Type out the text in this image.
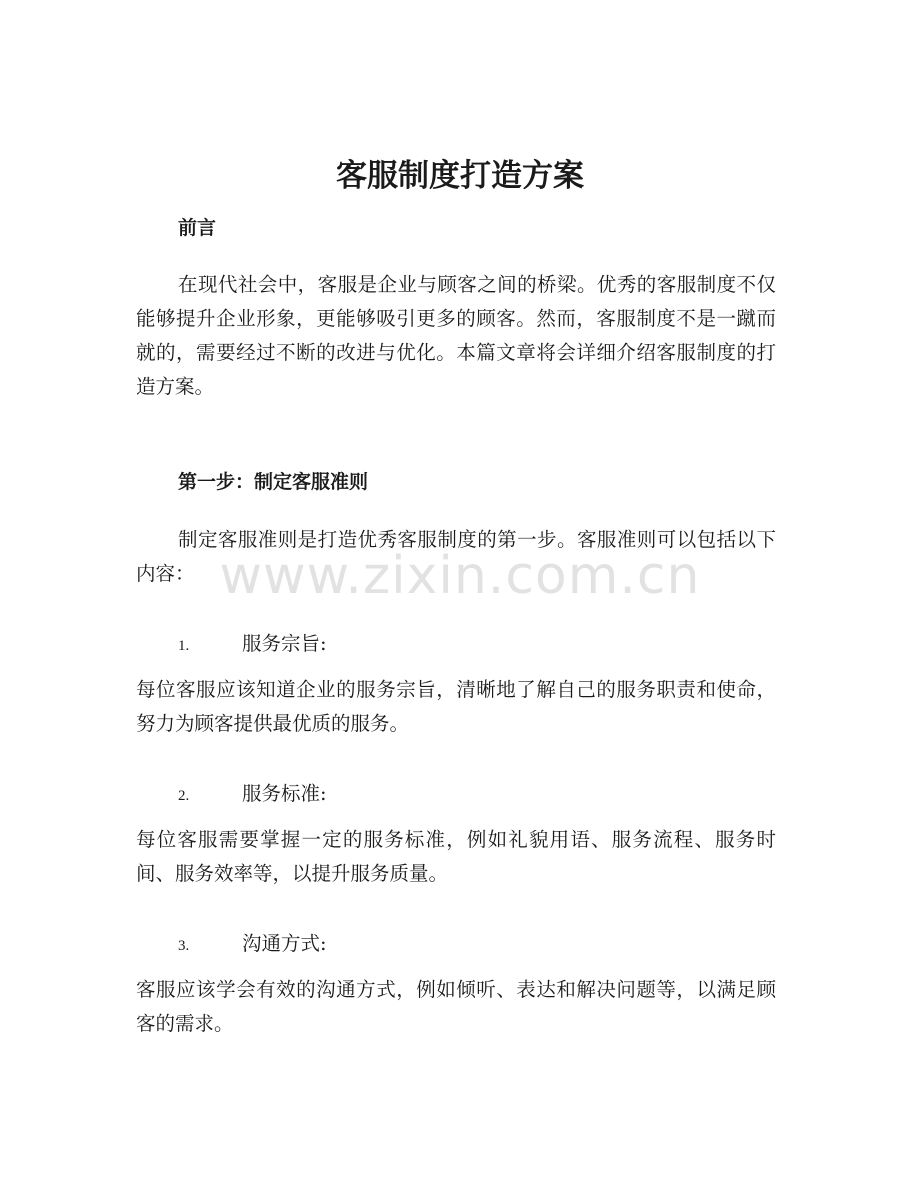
客服制度打造方案
前言

在现代社会中，客服是企业与顾客之间的桥梁。优秀的客服制度不仅能够提升企业形象，更能够吸引更多的顾客。然而，客服制度不是一蹴而就的，需要经过不断的改进与优化。本篇文章将会详细介绍客服制度的打造方案。

第一步：制定客服准则

制定客服准则是打造优秀客服制度的第一步。客服准则可以包括以下内容： www.zixin.com.cn
1.	服务宗旨:

每位客服应该知道企业的服务宗旨，清晰地了解自己的服务职责和使命，努力为顾客提供最优质的服务。

2.	服务标准:

每位客服需要掌握一定的服务标准，例如礼貌用语、服务流程、服务时间、服务效率等，以提升服务质量。

3.	沟通方式:

客服应该学会有效的沟通方式，例如倾听、表达和解决问题等，以满足顾客的需求。
